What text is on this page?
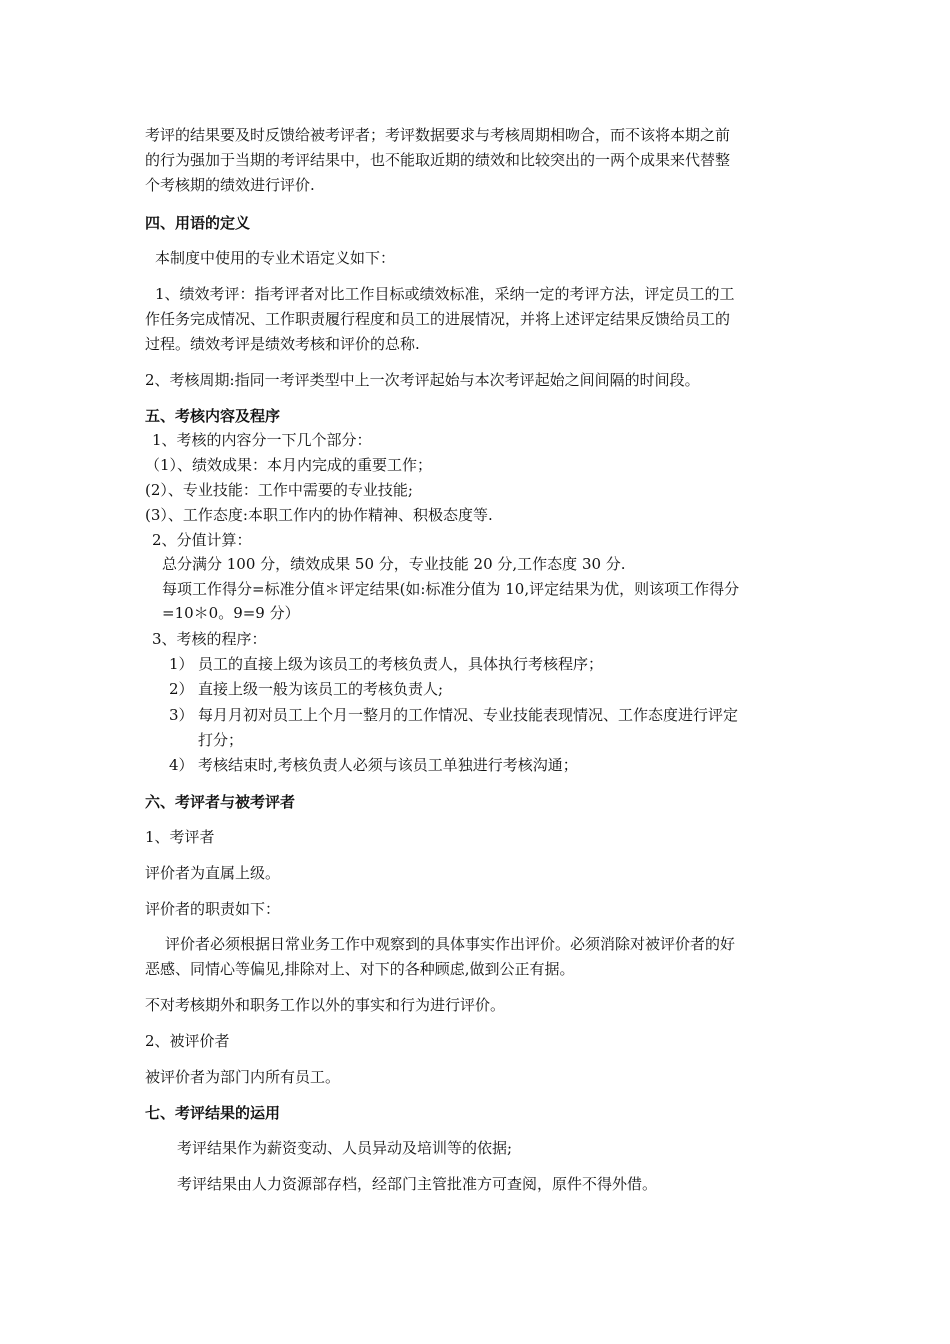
考评的结果要及时反馈给被考评者；考评数据要求与考核周期相吻合，而不该将本期之前

的行为强加于当期的考评结果中，也不能取近期的绩效和比较突出的一两个成果来代替整

个考核期的绩效进行评价.

四、用语的定义

本制度中使用的专业术语定义如下：

1、绩效考评：指考评者对比工作目标或绩效标准，采纳一定的考评方法，评定员工的工

作任务完成情况、工作职责履行程度和员工的进展情况，并将上述评定结果反馈给员工的

过程。绩效考评是绩效考核和评价的总称.

2、考核周期:指同一考评类型中上一次考评起始与本次考评起始之间间隔的时间段。

五、考核内容及程序

1、考核的内容分一下几个部分：

（1）、绩效成果：本月内完成的重要工作；

(2）、专业技能：工作中需要的专业技能;

(3）、工作态度:本职工作内的协作精神、积极态度等.

2、分值计算：

总分满分 100 分，绩效成果 50 分，专业技能 20 分,工作态度 30 分.

每项工作得分=标准分值＊评定结果(如:标准分值为 10,评定结果为优，则该项工作得分

=10＊0。9=9 分）

3、考核的程序：

1） 员工的直接上级为该员工的考核负责人，具体执行考核程序；

2） 直接上级一般为该员工的考核负责人;

3） 每月月初对员工上个月一整月的工作情况、专业技能表现情况、工作态度进行评定

打分；

4） 考核结束时,考核负责人必须与该员工单独进行考核沟通；

六、考评者与被考评者

1、考评者

评价者为直属上级。

评价者的职责如下：

评价者必须根据日常业务工作中观察到的具体事实作出评价。必须消除对被评价者的好

恶感、同情心等偏见,排除对上、对下的各种顾虑,做到公正有据。

不对考核期外和职务工作以外的事实和行为进行评价。

2、被评价者

被评价者为部门内所有员工。

七、考评结果的运用

考评结果作为薪资变动、人员异动及培训等的依据;

考评结果由人力资源部存档，经部门主管批准方可查阅，原件不得外借。
